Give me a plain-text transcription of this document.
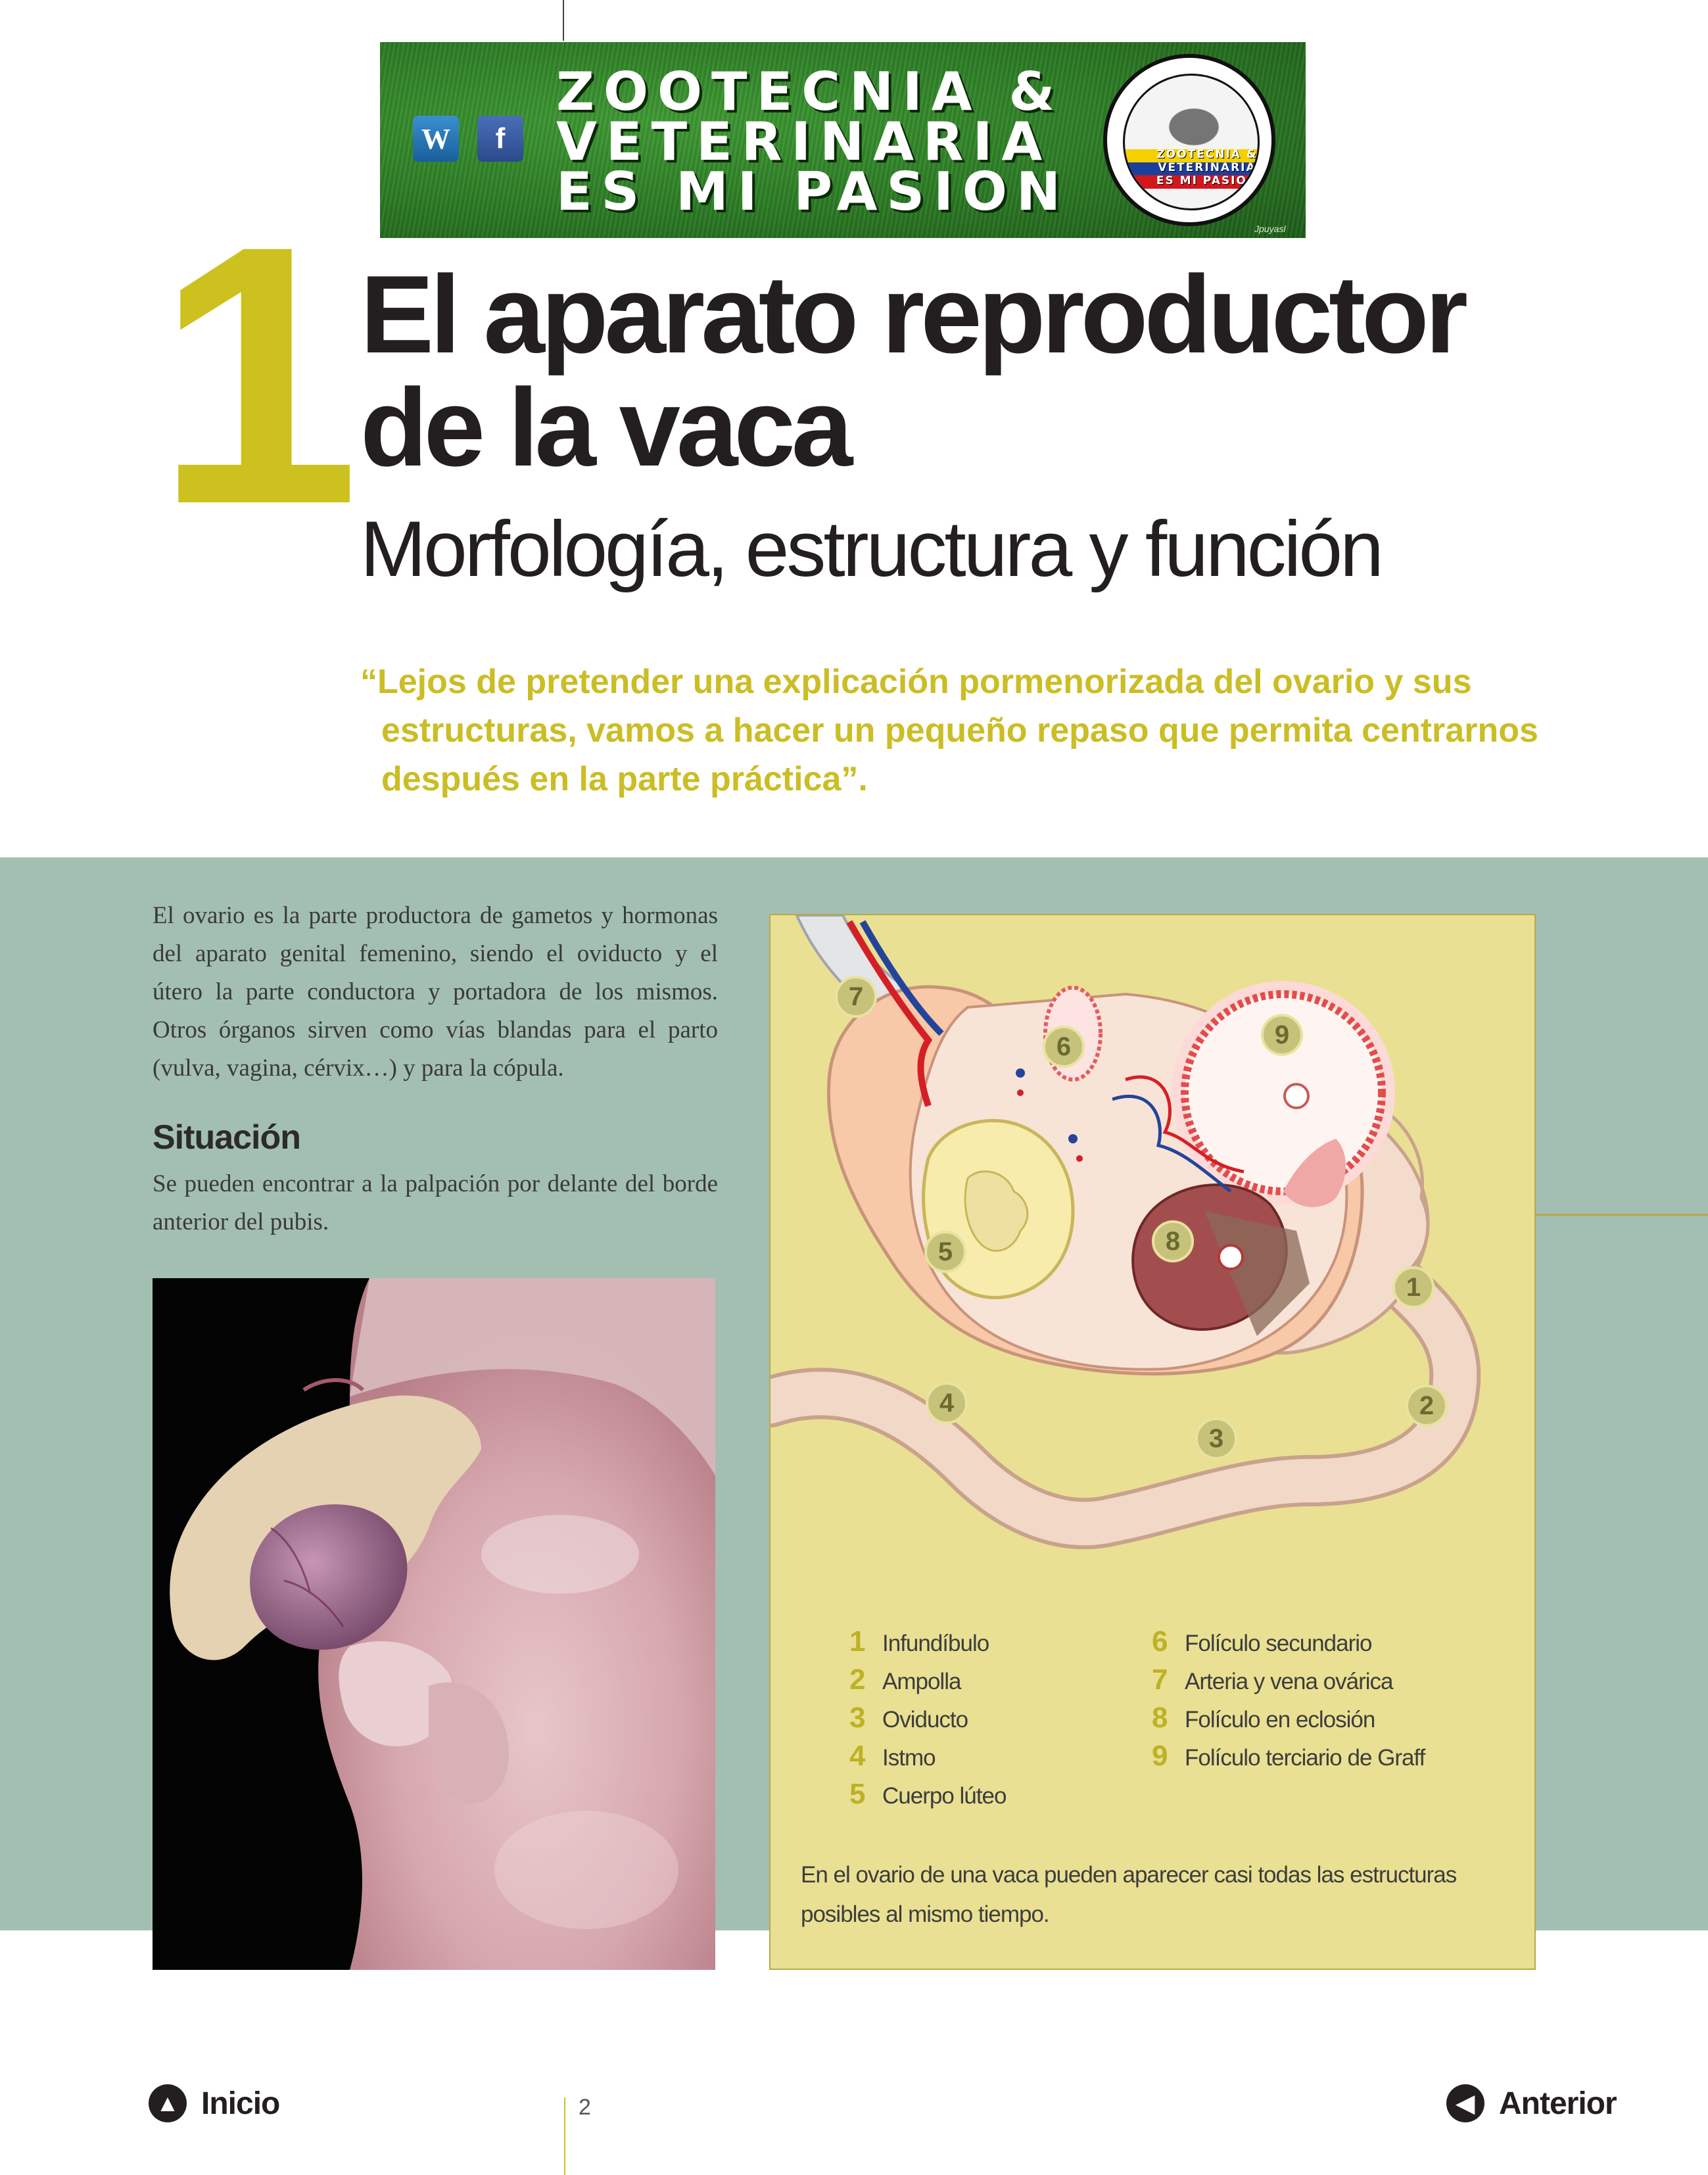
W	f
ZOOTECNIA &
VETERINARIA
ES MI PASION
ZOOTECNIA &
VETERINARIA
ES MI PASION
Jpuyasl
1 El aparato reproductor
de la vaca
Morfología, estructura y función
“Lejos de pretender una explicación pormenorizada del ovario y sus estructuras, vamos a hacer un pequeño repaso que permita centrarnos después en la parte práctica”.
El ovario es la parte productora de gametos y hormonas del aparato genital femenino, siendo el oviducto y el útero la parte conductora y portadora de los mismos. Otros órganos sirven como vías blandas para el parto (vulva, vagina, cérvix…) y para la cópula.
Situación
Se pueden encontrar a la palpación por delante del borde anterior del pubis.
1
2
3
4
5
6
7
8
9
1 Infundíbulo
2 Ampolla
3 Oviducto
4 Istmo
5 Cuerpo lúteo
6 Folículo secundario
7 Arteria y vena ovárica
8 Folículo en eclosión
9 Folículo terciario de Graff
En el ovario de una vaca pueden aparecer casi todas las estructuras posibles al mismo tiempo.
▲ Inicio	2	◀ Anterior
